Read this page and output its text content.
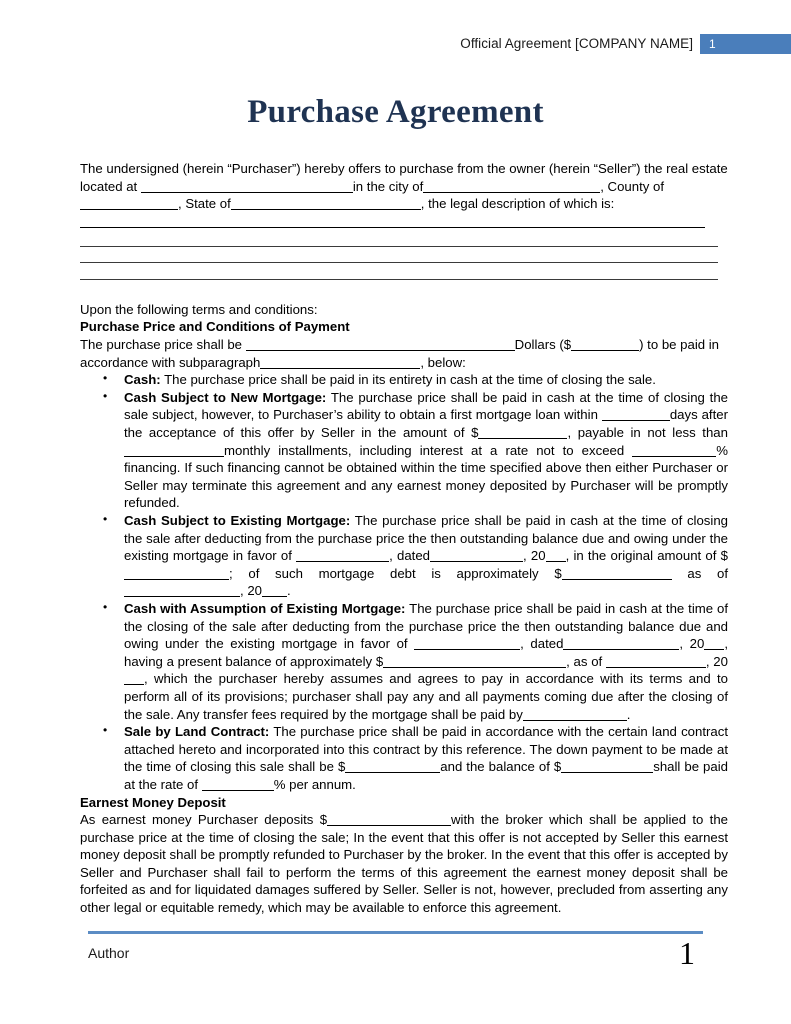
Official Agreement [COMPANY NAME] 1
Purchase Agreement
The undersigned (herein “Purchaser”) hereby offers to purchase from the owner (herein “Seller”) the real estate located at	in the city of	, County of, State of	, the legal description of which is:
Upon the following terms and conditions:
Purchase Price and Conditions of Payment
The purchase price shall be	Dollars ($	) to be paid in accordance with subparagraph	, below:
• Cash: The purchase price shall be paid in its entirety in cash at the time of closing the sale.
• Cash Subject to New Mortgage: The purchase price shall be paid in cash at the time of closing the sale subject, however, to Purchaser’s ability to obtain a first mortgage loan within	days after the acceptance of this offer by Seller in the amount of $	, payable in not less than monthly installments, including interest at a rate not to exceed	% financing. If such financing cannot be obtained within the time specified above then either Purchaser or Seller may terminate this agreement and any earnest money deposited by Purchaser will be promptly refunded.
• Cash Subject to Existing Mortgage: The purchase price shall be paid in cash at the time of closing the sale after deducting from the purchase price the then outstanding balance due and owing under the existing mortgage in favor of	, dated	, 20 , in the original amount of $; of such mortgage debt is approximately $	as of , 20 .
• Cash with Assumption of Existing Mortgage: The purchase price shall be paid in cash at the time of the closing of the sale after deducting from the purchase price the then outstanding balance due and owing under the existing mortgage in favor of	, dated	, 20 , having a present balance of approximately $	, as of	, 20, which the purchaser hereby assumes and agrees to pay in accordance with its terms and to perform all of its provisions; purchaser shall pay any and all payments coming due after the closing of the sale. Any transfer fees required by the mortgage shall be paid by	.
• Sale by Land Contract: The purchase price shall be paid in accordance with the certain land contract attached hereto and incorporated into this contract by this reference. The down payment to be made at the time of closing this sale shall be $	and the balance of $	shall be paid at the rate of	% per annum.
Earnest Money Deposit
As earnest money Purchaser deposits $	with the broker which shall be applied to the purchase price at the time of closing the sale; In the event that this offer is not accepted by Seller this earnest money deposit shall be promptly refunded to Purchaser by the broker. In the event that this offer is accepted by Seller and Purchaser shall fail to perform the terms of this agreement the earnest money deposit shall be forfeited as and for liquidated damages suffered by Seller. Seller is not, however, precluded from asserting any other legal or equitable remedy, which may be available to enforce this agreement.
Author	1
